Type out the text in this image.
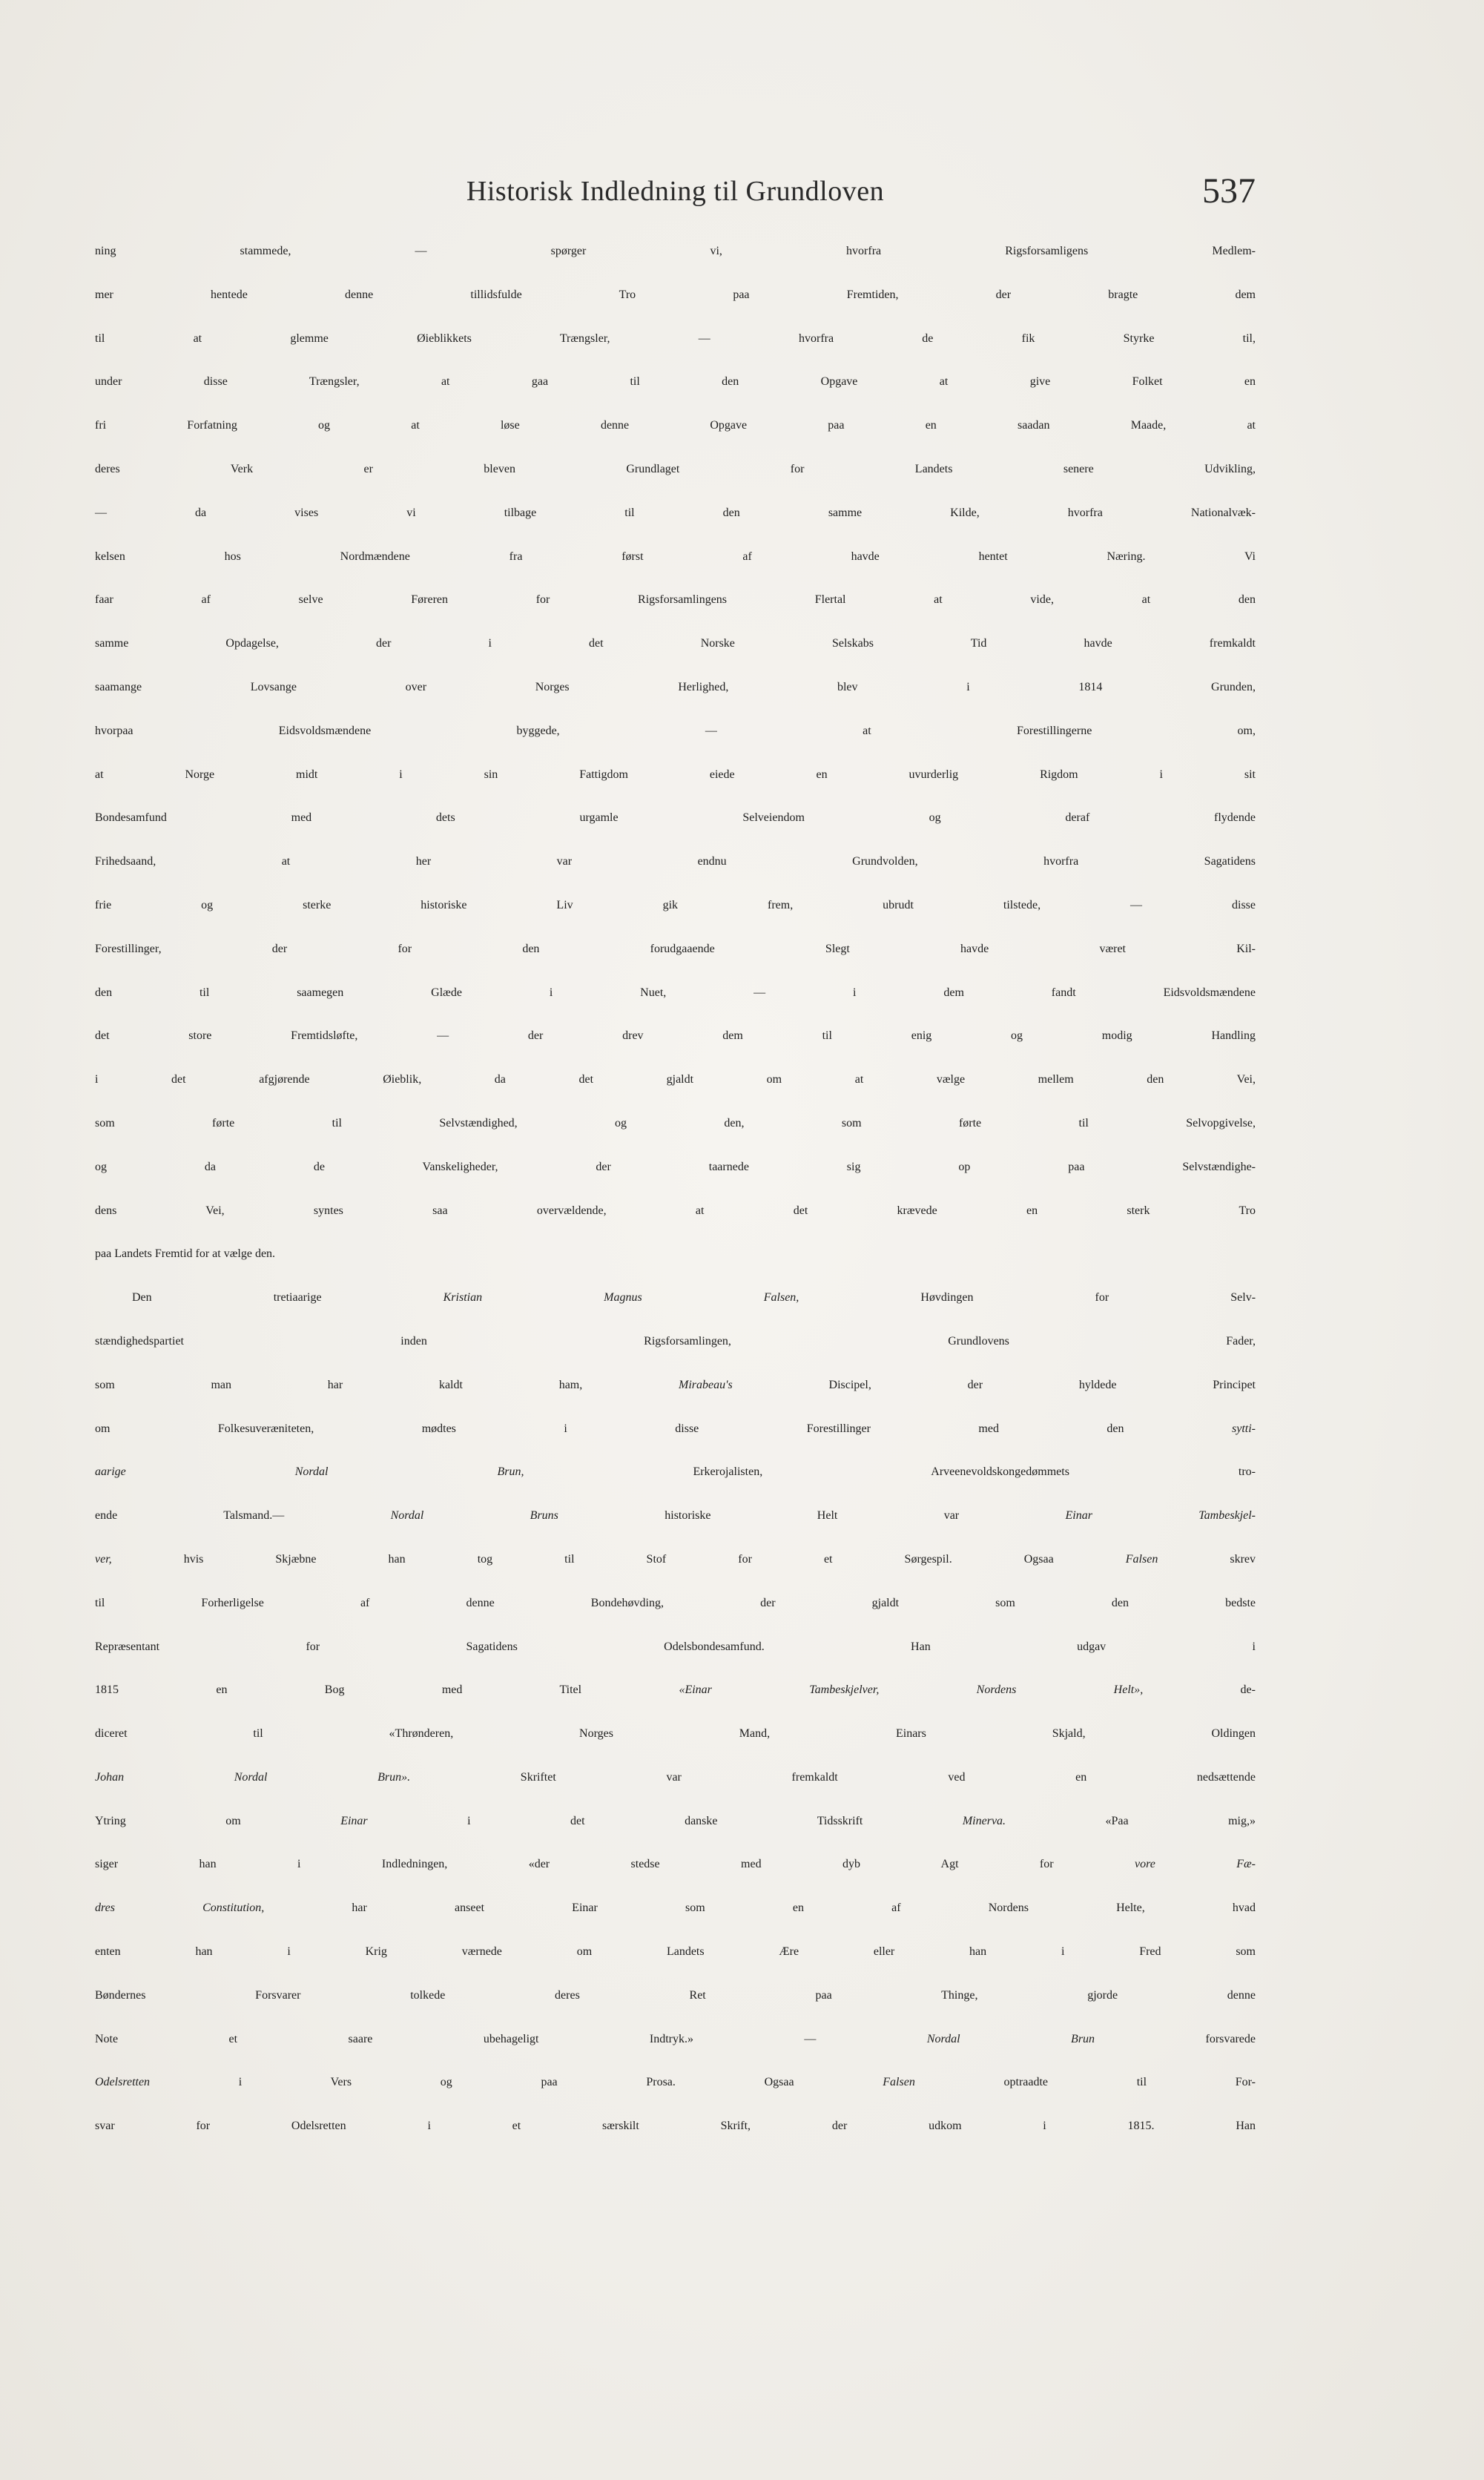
Historisk Indledning til Grundloven	537
ning stammede, — spørger vi, hvorfra Rigsforsamligens Medlem-
mer hentede denne tillidsfulde Tro paa Fremtiden, der bragte dem
til at glemme Øieblikkets Trængsler, — hvorfra de fik Styrke til,
under disse Trængsler, at gaa til den Opgave at give Folket en
fri Forfatning og at løse denne Opgave paa en saadan Maade, at
deres Verk er bleven Grundlaget for Landets senere Udvikling,
— da vises vi tilbage til den samme Kilde, hvorfra Nationalvæk-
kelsen hos Nordmændene fra først af havde hentet Næring. Vi
faar af selve Føreren for Rigsforsamlingens Flertal at vide, at den
samme Opdagelse, der i det Norske Selskabs Tid havde fremkaldt
saamange Lovsange over Norges Herlighed, blev i 1814 Grunden,
hvorpaa Eidsvoldsmændene byggede, — at Forestillingerne om,
at Norge midt i sin Fattigdom eiede en uvurderlig Rigdom i sit
Bondesamfund med dets urgamle Selveiendom og deraf flydende
Frihedsaand, at her var endnu Grundvolden, hvorfra Sagatidens
frie og sterke historiske Liv gik frem, ubrudt tilstede, — disse
Forestillinger, der for den forudgaaende Slegt havde været Kil-
den til saamegen Glæde i Nuet, — i dem fandt Eidsvoldsmændene
det store Fremtidsløfte, — der drev dem til enig og modig Handling
i det afgjørende Øieblik, da det gjaldt om at vælge mellem den Vei,
som førte til Selvstændighed, og den, som førte til Selvopgivelse,
og da de Vanskeligheder, der taarnede sig op paa Selvstændighe-
dens Vei, syntes saa overvældende, at det krævede en sterk Tro
paa Landets Fremtid for at vælge den.
Den tretiaarige Kristian Magnus Falsen, Høvdingen for Selv-
stændighedspartiet inden Rigsforsamlingen, Grundlovens Fader,
som man har kaldt ham, Mirabeau's Discipel, der hyldede Principet
om Folkesuveræniteten, mødtes i disse Forestillinger med den sytti-
aarige Nordal Brun, Erkerojalisten, Arveenevoldskongedømmets tro-
ende Talsmand.— Nordal Bruns historiske Helt var Einar Tambeskjel-
ver, hvis Skjæbne han tog til Stof for et Sørgespil. Ogsaa Falsen skrev
til Forherligelse af denne Bondehøvding, der gjaldt som den bedste
Repræsentant for Sagatidens Odelsbondesamfund. Han udgav i
1815 en Bog med Titel «Einar Tambeskjelver, Nordens Helt», de-
diceret til «Thrønderen, Norges Mand, Einars Skjald, Oldingen
Johan Nordal Brun». Skriftet var fremkaldt ved en nedsættende
Ytring om Einar i det danske Tidsskrift Minerva. «Paa mig,»
siger han i Indledningen, «der stedse med dyb Agt for vore Fæ-
dres Constitution, har anseet Einar som en af Nordens Helte, hvad
enten han i Krig værnede om Landets Ære eller han i Fred som
Bøndernes Forsvarer tolkede deres Ret paa Thinge, gjorde denne
Note et saare ubehageligt Indtryk.» — Nordal Brun forsvarede
Odelsretten i Vers og paa Prosa. Ogsaa Falsen optraadte til For-
svar for Odelsretten i et særskilt Skrift, der udkom i 1815. Han
